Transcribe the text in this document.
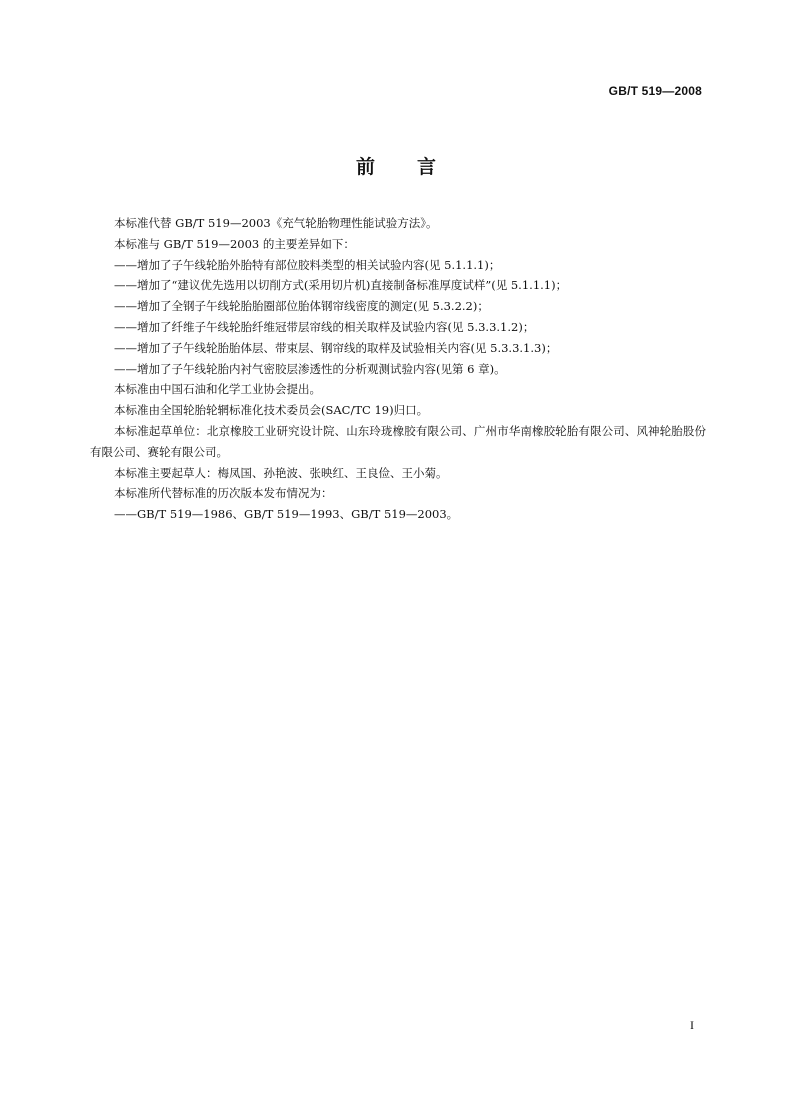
GB/T 519—2008
前 言

本标准代替 GB/T 519—2003《充气轮胎物理性能试验方法》。

本标准与 GB/T 519—2003 的主要差异如下：

——增加了子午线轮胎外胎特有部位胶料类型的相关试验内容(见 5.1.1.1)；

——增加了“建议优先选用以切削方式(采用切片机)直接制备标准厚度试样”(见 5.1.1.1)；

——增加了全钢子午线轮胎胎圈部位胎体钢帘线密度的测定(见 5.3.2.2)；

——增加了纤维子午线轮胎纤维冠带层帘线的相关取样及试验内容(见 5.3.3.1.2)；

——增加了子午线轮胎胎体层、带束层、钢帘线的取样及试验相关内容(见 5.3.3.1.3)；

——增加了子午线轮胎内衬气密胶层渗透性的分析观测试验内容(见第 6 章)。

本标准由中国石油和化学工业协会提出。

本标准由全国轮胎轮辋标准化技术委员会(SAC/TC 19)归口。

本标准起草单位：北京橡胶工业研究设计院、山东玲珑橡胶有限公司、广州市华南橡胶轮胎有限公司、风神轮胎股份有限公司、赛轮有限公司。

本标准主要起草人：梅凤国、孙艳波、张映红、王良俭、王小菊。

本标准所代替标准的历次版本发布情况为：

——GB/T 519—1986、GB/T 519—1993、GB/T 519—2003。

I
